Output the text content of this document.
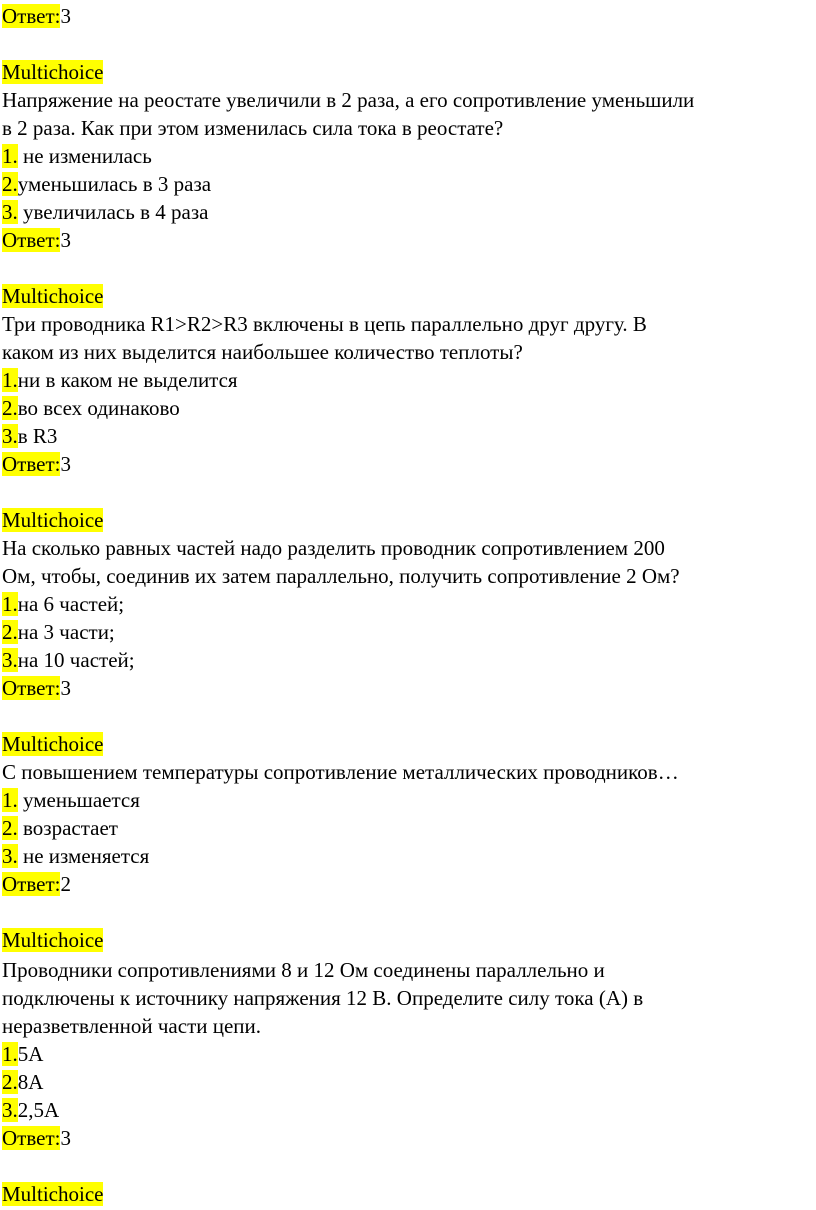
Ответ:3
Multichoice
Напряжение на реостате увеличили в 2 раза, а его сопротивление уменьшили
в 2 раза. Как при этом изменилась сила тока в реостате?
1. не изменилась
2.уменьшилась в 3 раза
3. увеличилась в 4 раза
Ответ:3
Multichoice
Три проводника R1>R2>R3 включены в цепь параллельно друг другу. В
каком из них выделится наибольшее количество теплоты?
1.ни в каком не выделится
2.во всех одинаково
3.в R3
Ответ:3
Multichoice
На сколько равных частей надо разделить проводник сопротивлением 200
Ом, чтобы, соединив их затем параллельно, получить сопротивление 2 Ом?
1.на 6 частей;
2.на 3 части;
3.на 10 частей;
Ответ:3
Multichoice
С повышением температуры сопротивление металлических проводников…
1. уменьшается
2. возрастает
3. не изменяется
Ответ:2
Multichoice
Проводники сопротивлениями 8 и 12 Ом соединены параллельно и
подключены к источнику напряжения 12 В. Определите силу тока (А) в
неразветвленной части цепи.
1.5А
2.8А
3.2,5А
Ответ:3
Multichoice
